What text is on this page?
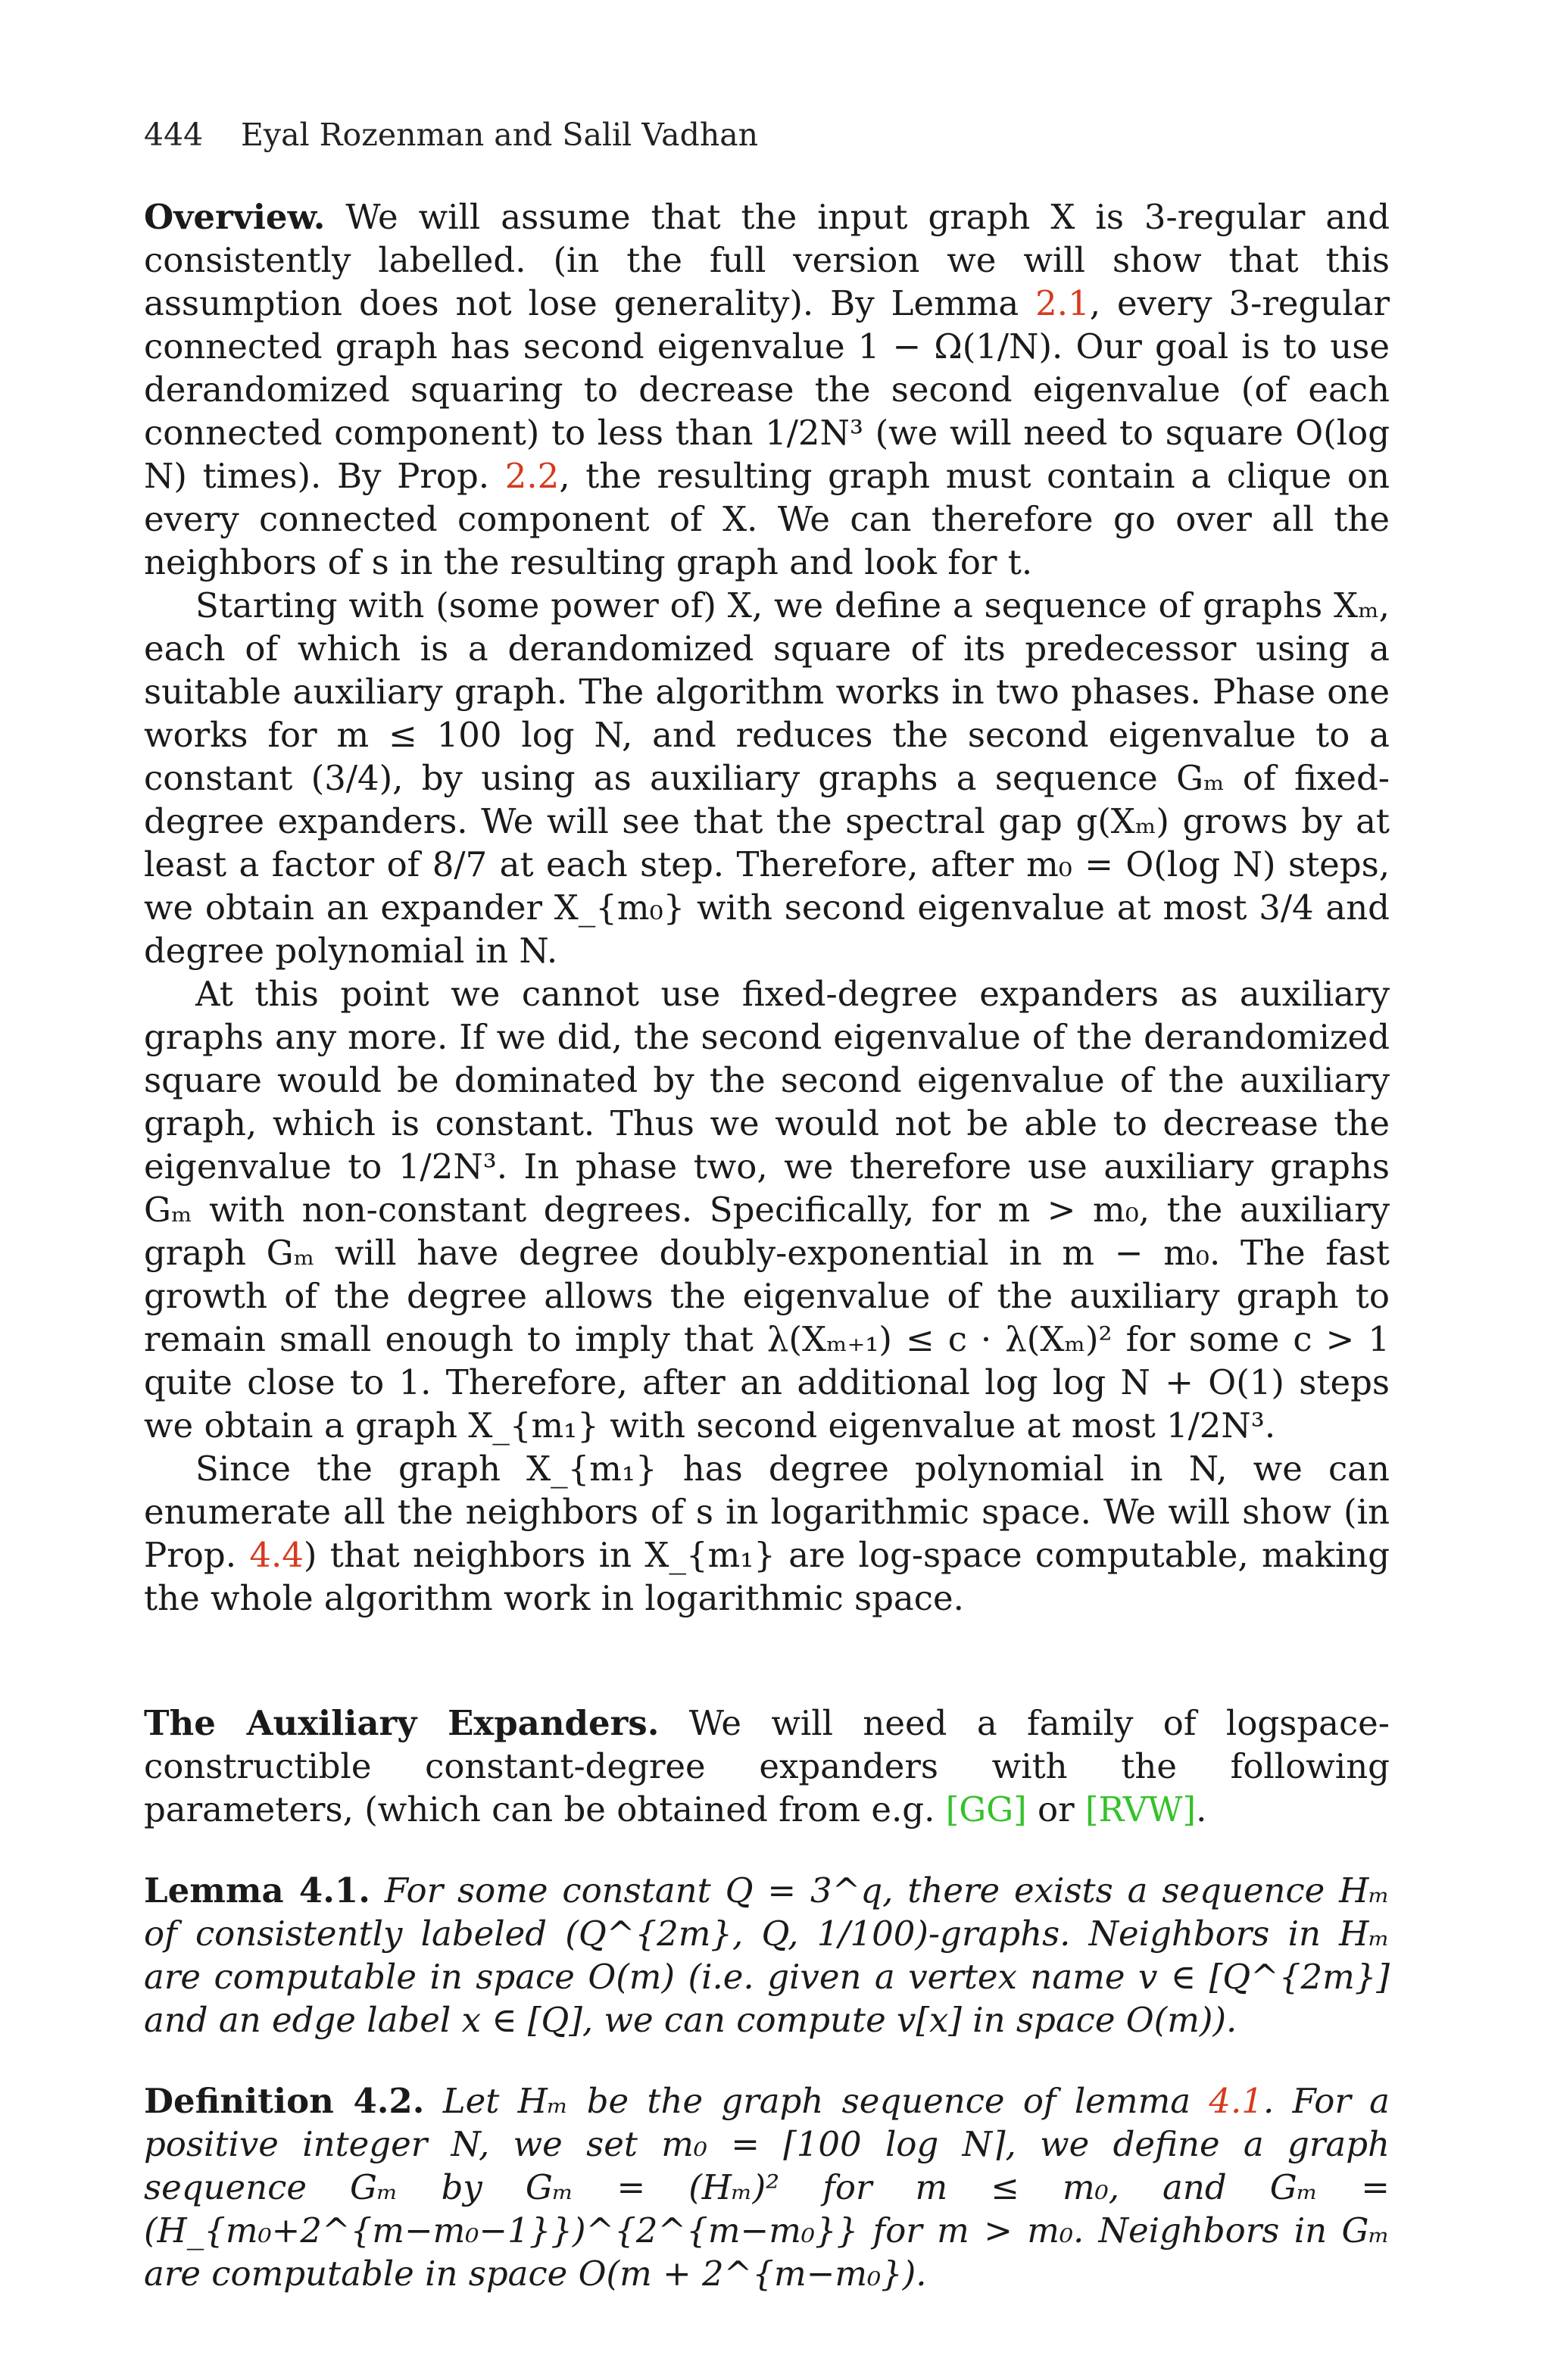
444 Eyal Rozenman and Salil Vadhan

Overview. We will assume that the input graph X is 3-regular and consistently labelled. (in the full version we will show that this assumption does not lose generality). By Lemma 2.1, every 3-regular connected graph has second eigenvalue 1 − Ω(1/N). Our goal is to use derandomized squaring to decrease the second eigenvalue (of each connected component) to less than 1/2N³ (we will need to square O(log N) times). By Prop. 2.2, the resulting graph must contain a clique on every connected component of X. We can therefore go over all the neighbors of s in the resulting graph and look for t.

Starting with (some power of) X, we define a sequence of graphs Xₘ, each of which is a derandomized square of its predecessor using a suitable auxiliary graph. The algorithm works in two phases. Phase one works for m ≤ 100 log N, and reduces the second eigenvalue to a constant (3/4), by using as auxiliary graphs a sequence Gₘ of fixed-degree expanders. We will see that the spectral gap g(Xₘ) grows by at least a factor of 8/7 at each step. Therefore, after m₀ = O(log N) steps, we obtain an expander X_{m₀} with second eigenvalue at most 3/4 and degree polynomial in N.

At this point we cannot use fixed-degree expanders as auxiliary graphs any more. If we did, the second eigenvalue of the derandomized square would be dominated by the second eigenvalue of the auxiliary graph, which is constant. Thus we would not be able to decrease the eigenvalue to 1/2N³. In phase two, we therefore use auxiliary graphs Gₘ with non-constant degrees. Specifically, for m > m₀, the auxiliary graph Gₘ will have degree doubly-exponential in m − m₀. The fast growth of the degree allows the eigenvalue of the auxiliary graph to remain small enough to imply that λ(Xₘ₊₁) ≤ c · λ(Xₘ)² for some c > 1 quite close to 1. Therefore, after an additional log log N + O(1) steps we obtain a graph X_{m₁} with second eigenvalue at most 1/2N³.

Since the graph X_{m₁} has degree polynomial in N, we can enumerate all the neighbors of s in logarithmic space. We will show (in Prop. 4.4) that neighbors in X_{m₁} are log-space computable, making the whole algorithm work in logarithmic space.

The Auxiliary Expanders. We will need a family of logspace-constructible constant-degree expanders with the following parameters, (which can be obtained from e.g. [GG] or [RVW].

Lemma 4.1. For some constant Q = 3^q, there exists a sequence Hₘ of consistently labeled (Q^{2m}, Q, 1/100)-graphs. Neighbors in Hₘ are computable in space O(m) (i.e. given a vertex name v ∈ [Q^{2m}] and an edge label x ∈ [Q], we can compute v[x] in space O(m)).

Definition 4.2. Let Hₘ be the graph sequence of lemma 4.1. For a positive integer N, we set m₀ = ⌈100 log N⌉, we define a graph sequence Gₘ by Gₘ = (Hₘ)² for m ≤ m₀, and Gₘ = (H_{m₀+2^{m−m₀−1}})^{2^{m−m₀}} for m > m₀. Neighbors in Gₘ are computable in space O(m + 2^{m−m₀}).
